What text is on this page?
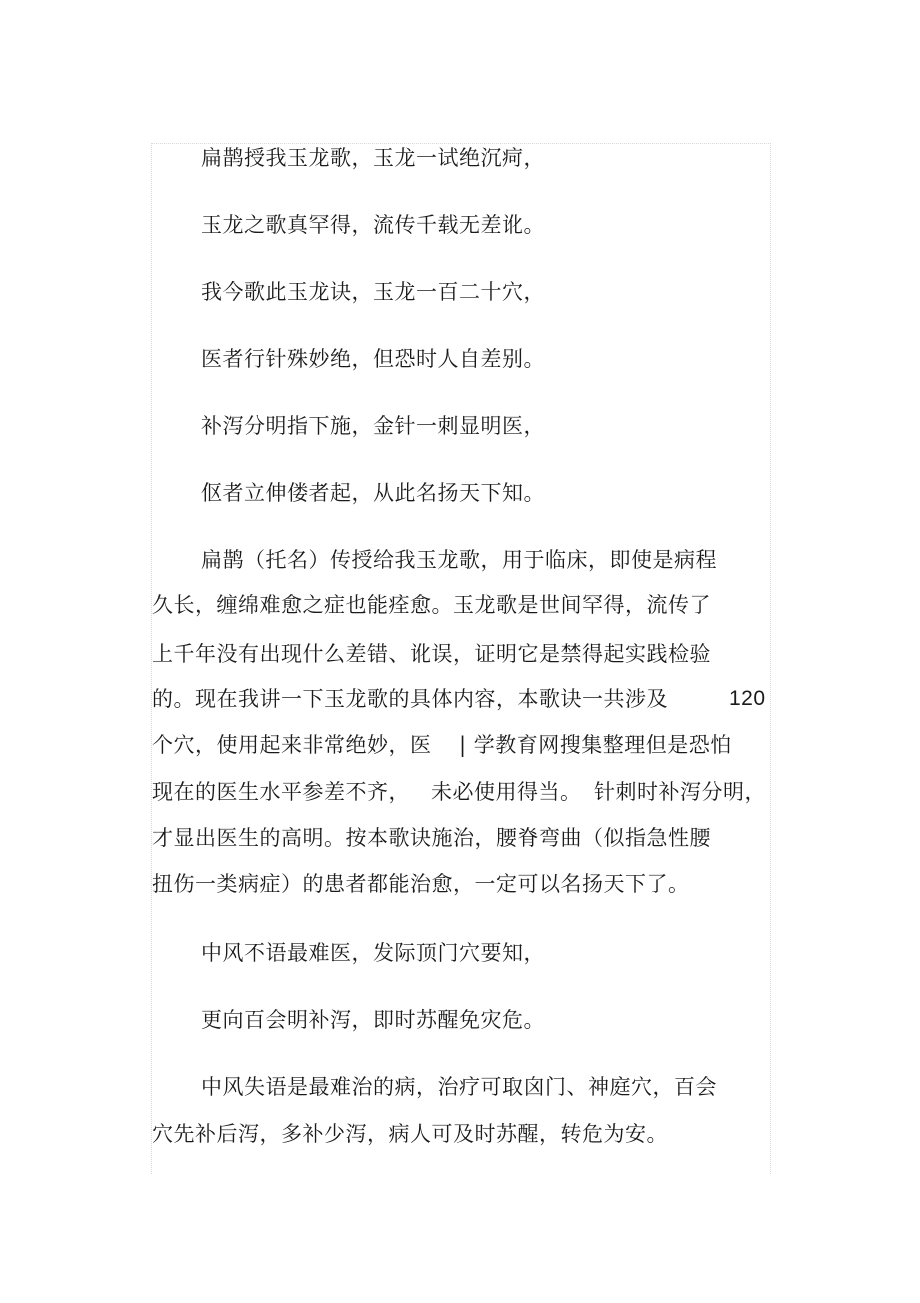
扁鹊授我玉龙歌，玉龙一试绝沉疴，
玉龙之歌真罕得，流传千载无差讹。
我今歌此玉龙诀，玉龙一百二十穴，
医者行针殊妙绝，但恐时人自差别。
补泻分明指下施，金针一刺显明医，
伛者立伸偻者起，从此名扬天下知。
扁鹊（托名）传授给我玉龙歌，用于临床，即使是病程
久长，缠绵难愈之症也能痊愈。玉龙歌是世间罕得，流传了
上千年没有出现什么差错、讹误，证明它是禁得起实践检验
的。现在我讲一下玉龙歌的具体内容，本歌诀一共涉及	120
个穴，使用起来非常绝妙，医 | 学教育网搜集整理但是恐怕
现在的医生水平参差不齐， 未必使用得当。 针刺时补泻分明，
才显出医生的高明。按本歌诀施治，腰脊弯曲（似指急性腰
扭伤一类病症）的患者都能治愈，一定可以名扬天下了。
中风不语最难医，发际顶门穴要知，
更向百会明补泻，即时苏醒免灾危。
中风失语是最难治的病，治疗可取囟门、神庭穴，百会
穴先补后泻，多补少泻，病人可及时苏醒，转危为安。
